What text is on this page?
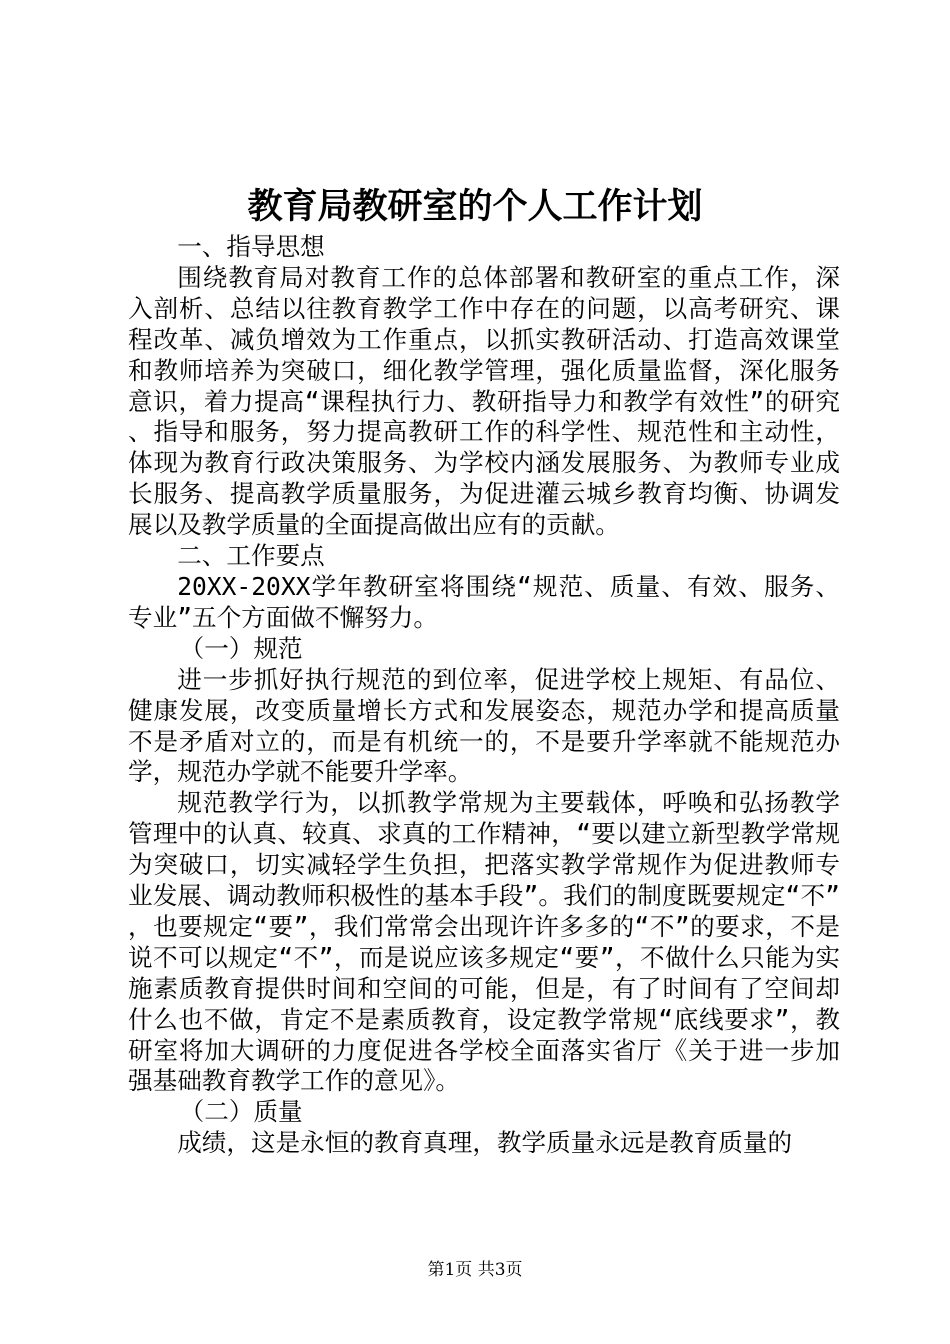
教育局教研室的个人工作计划

一、指导思想

围绕教育局对教育工作的总体部署和教研室的重点工作，深入剖析、总结以往教育教学工作中存在的问题，以高考研究、课程改革、减负增效为工作重点，以抓实教研活动、打造高效课堂和教师培养为突破口，细化教学管理，强化质量监督，深化服务意识，着力提高“课程执行力、教研指导力和教学有效性”的研究、指导和服务，努力提高教研工作的科学性、规范性和主动性，体现为教育行政决策服务、为学校内涵发展服务、为教师专业成长服务、提高教学质量服务，为促进灌云城乡教育均衡、协调发展以及教学质量的全面提高做出应有的贡献。

二、工作要点

20XX-20XX学年教研室将围绕“规范、质量、有效、服务、专业”五个方面做不懈努力。

（一）规范

进一步抓好执行规范的到位率，促进学校上规矩、有品位、健康发展，改变质量增长方式和发展姿态，规范办学和提高质量不是矛盾对立的，而是有机统一的，不是要升学率就不能规范办学，规范办学就不能要升学率。

规范教学行为，以抓教学常规为主要载体，呼唤和弘扬教学管理中的认真、较真、求真的工作精神，“要以建立新型教学常规为突破口，切实减轻学生负担，把落实教学常规作为促进教师专业发展、调动教师积极性的基本手段”。我们的制度既要规定“不”，也要规定“要”，我们常常会出现许许多多的“不”的要求，不是说不可以规定“不”，而是说应该多规定“要”，不做什么只能为实施素质教育提供时间和空间的可能，但是，有了时间有了空间却什么也不做，肯定不是素质教育，设定教学常规“底线要求”，教研室将加大调研的力度促进各学校全面落实省厅《关于进一步加强基础教育教学工作的意见》。

（二）质量

成绩，这是永恒的教育真理，教学质量永远是教育质量的

第1页 共3页
